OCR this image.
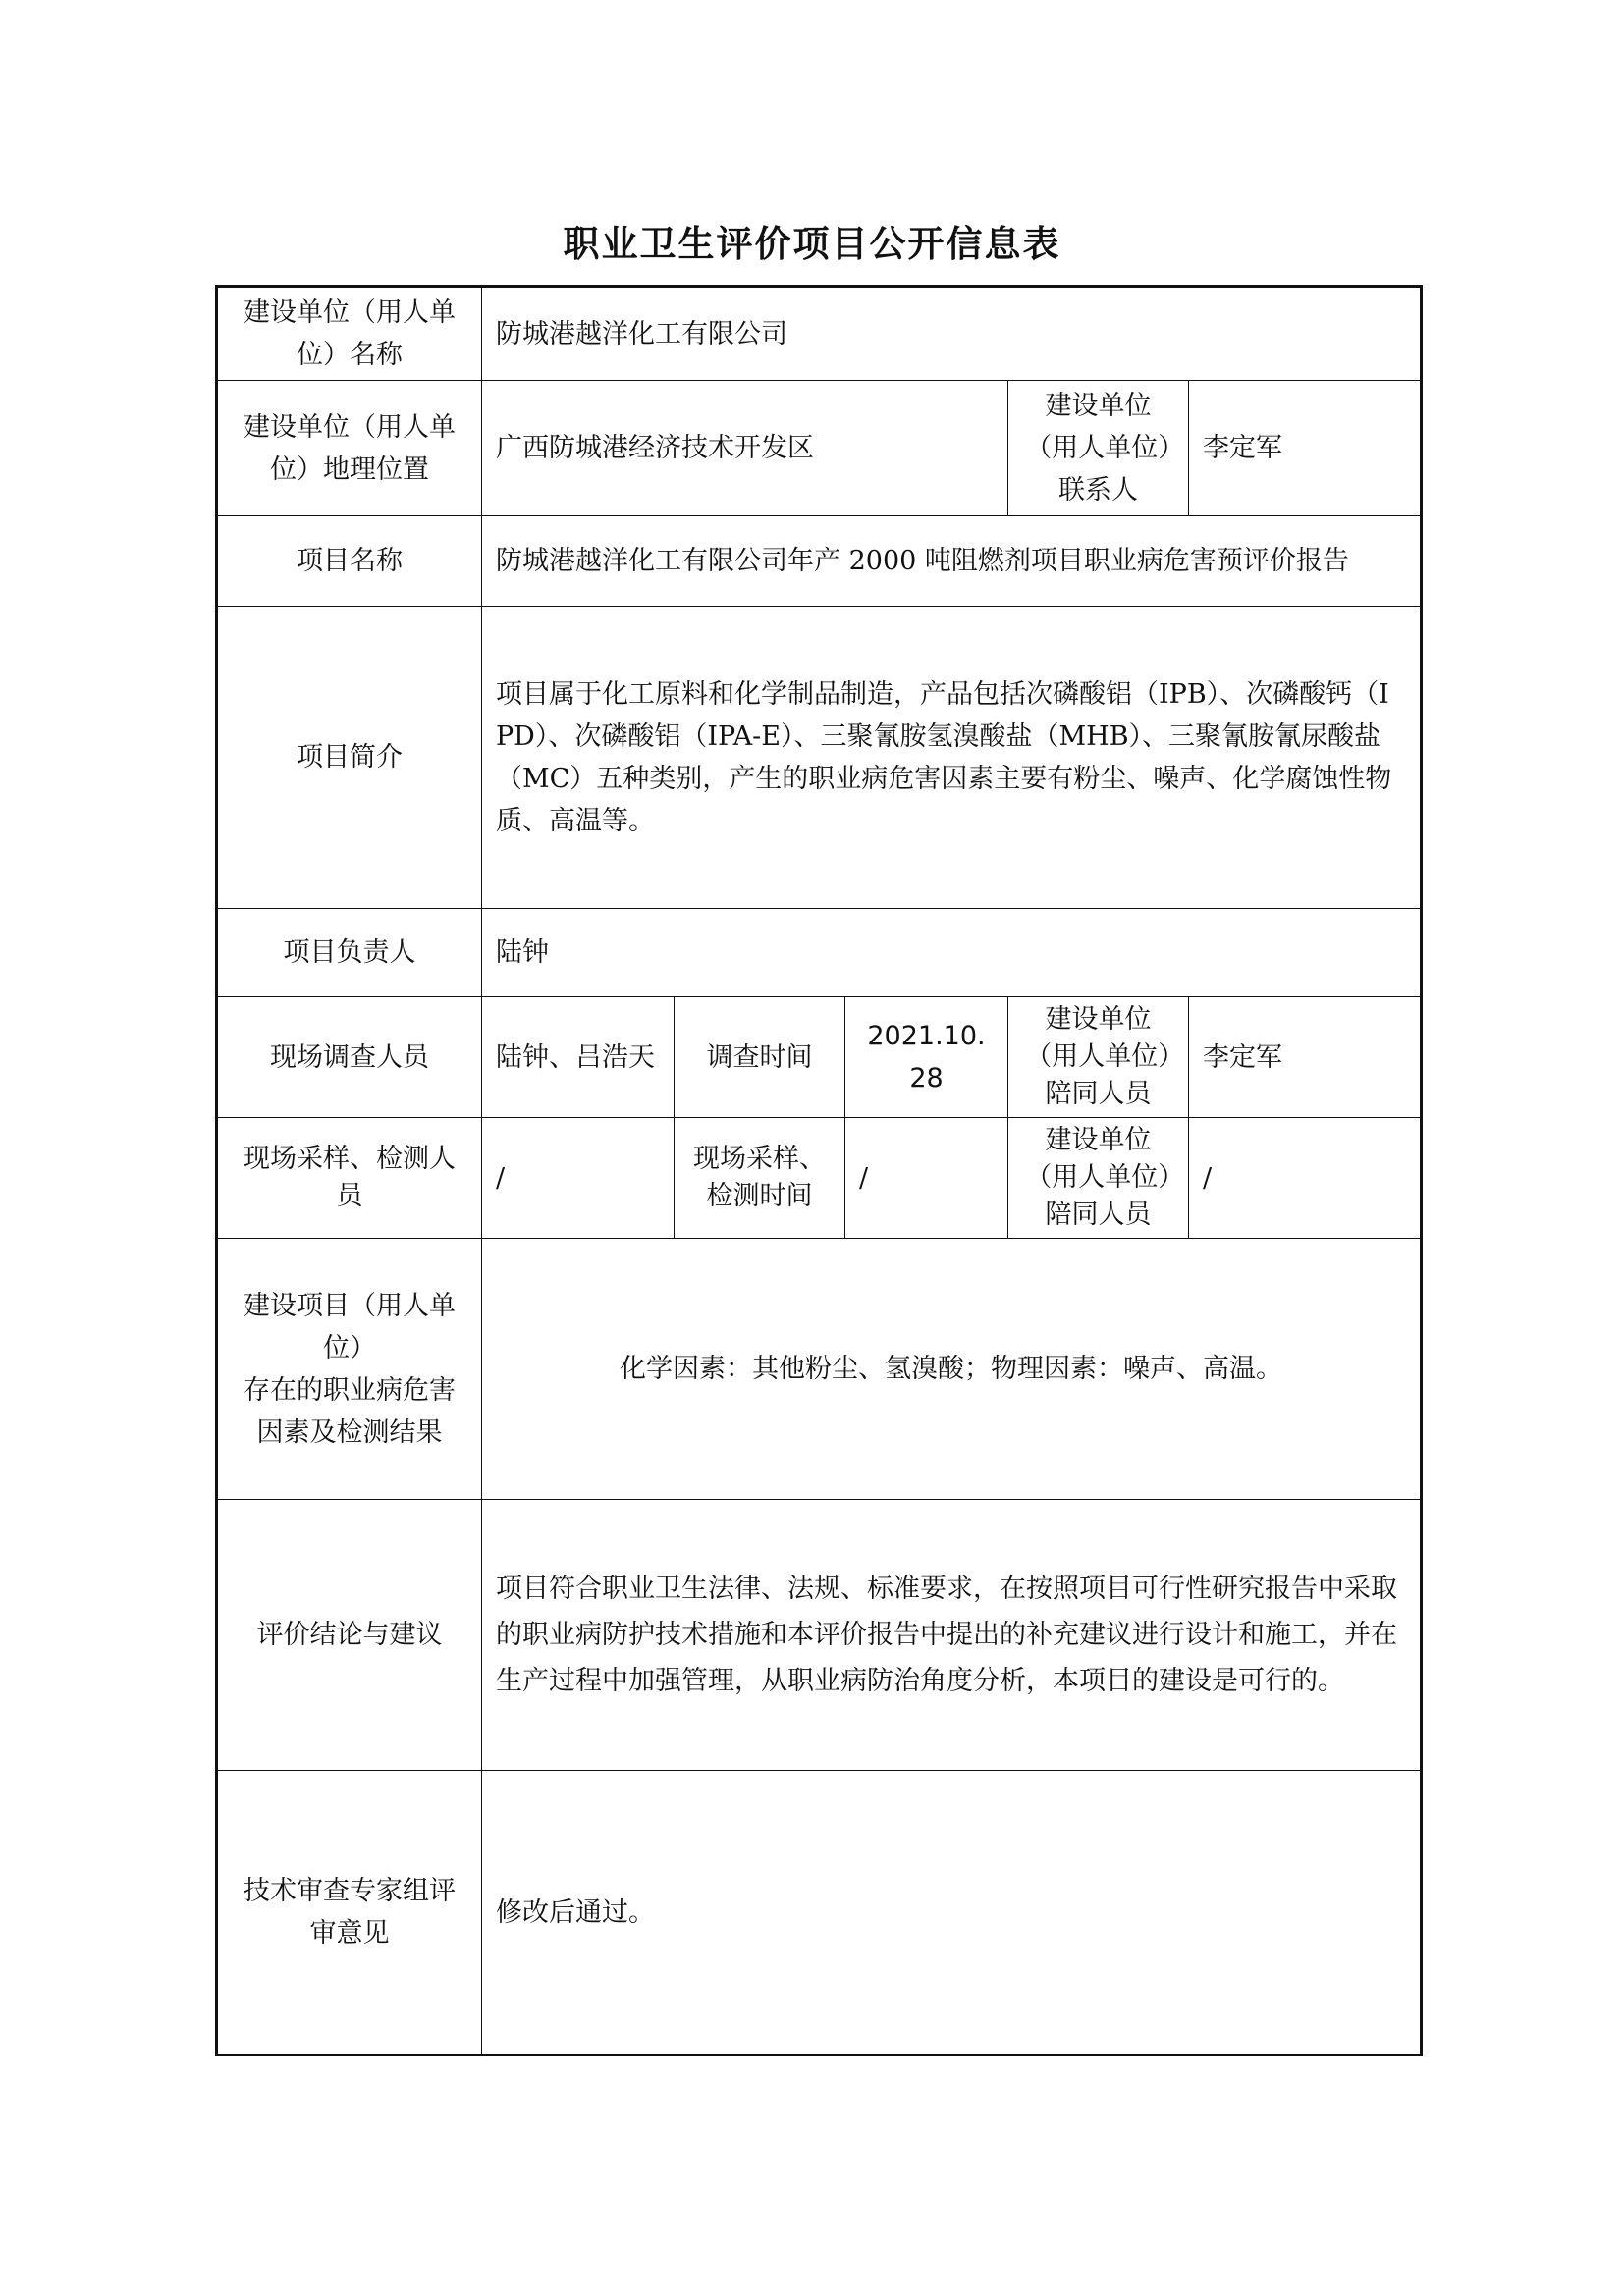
职业卫生评价项目公开信息表
建设单位（用人单位）名称	防城港越洋化工有限公司				
建设单位（用人单位）地理位置	广西防城港经济技术开发区			建设单位（用人单位）联系人	李定军
项目名称	防城港越洋化工有限公司年产 2000 吨阻燃剂项目职业病危害预评价报告				
项目简介	项目属于化工原料和化学制品制造，产品包括次磷酸铝（IPB）、次磷酸钙（IPD）、次磷酸铝（IPA-E）、三聚氰胺氢溴酸盐（MHB）、三聚氰胺氰尿酸盐（MC）五种类别，产生的职业病危害因素主要有粉尘、噪声、化学腐蚀性物质、高温等。				
项目负责人	陆钟				
现场调查人员	陆钟、吕浩天	调查时间	2021.10.28	建设单位（用人单位）陪同人员	李定军
现场采样、检测人员	/	现场采样、检测时间	/	建设单位（用人单位）陪同人员	/

建设项目（用人单位）
存在的职业病危害因素及检测结果	化学因素：其他粉尘、氢溴酸；物理因素：噪声、高温。				
评价结论与建议	项目符合职业卫生法律、法规、标准要求，在按照项目可行性研究报告中采取的职业病防护技术措施和本评价报告中提出的补充建议进行设计和施工，并在生产过程中加强管理，从职业病防治角度分析，本项目的建设是可行的。				
技术审查专家组评审意见	修改后通过。				
